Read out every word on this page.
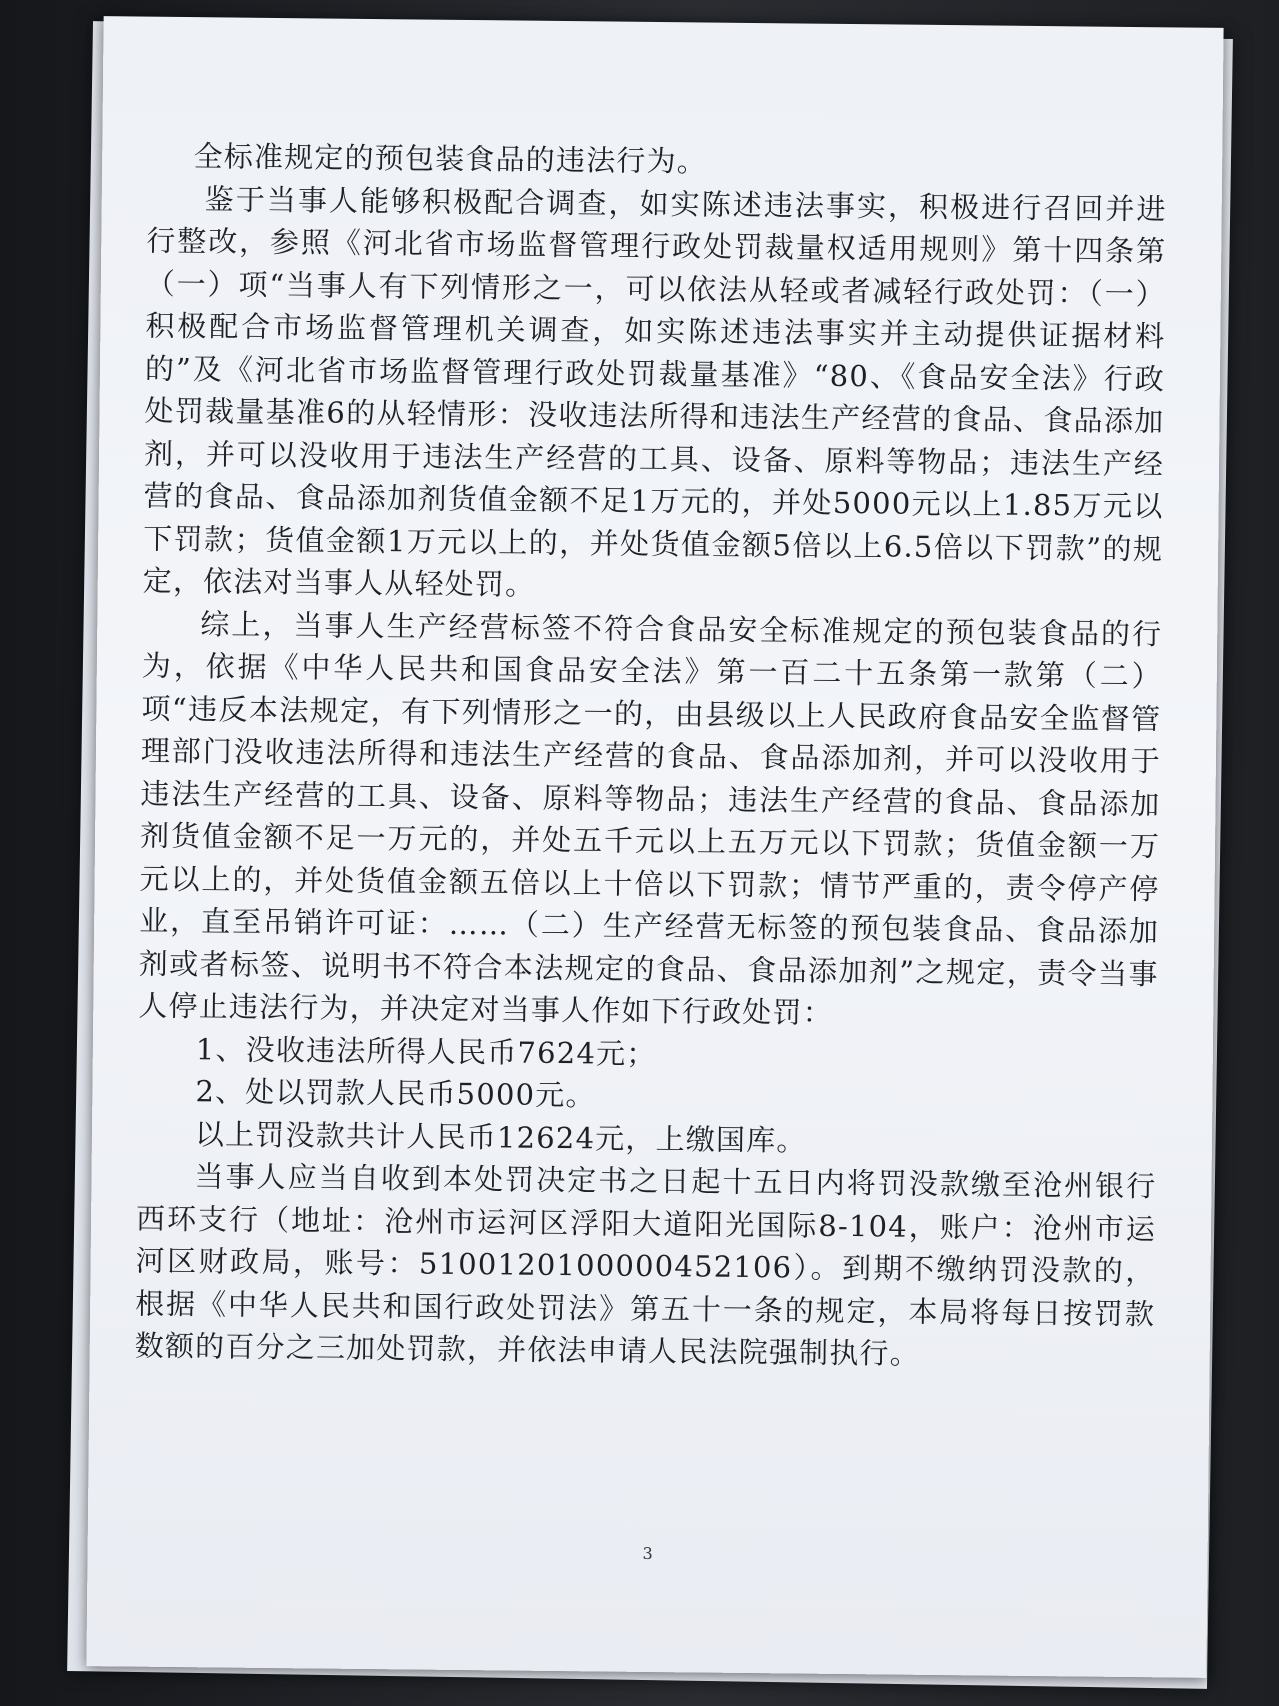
全标准规定的预包装食品的违法行为。

鉴于当事人能够积极配合调查，如实陈述违法事实，积极进行召回并进行整改，参照《河北省市场监督管理行政处罚裁量权适用规则》第十四条第（一）项“当事人有下列情形之一，可以依法从轻或者减轻行政处罚：（一）积极配合市场监督管理机关调查，如实陈述违法事实并主动提供证据材料的”及《河北省市场监督管理行政处罚裁量基准》“80、《食品安全法》行政处罚裁量基准6的从轻情形：没收违法所得和违法生产经营的食品、食品添加剂，并可以没收用于违法生产经营的工具、设备、原料等物品；违法生产经营的食品、食品添加剂货值金额不足1万元的，并处5000元以上1.85万元以下罚款；货值金额1万元以上的，并处货值金额5倍以上6.5倍以下罚款”的规定，依法对当事人从轻处罚。

综上，当事人生产经营标签不符合食品安全标准规定的预包装食品的行为，依据《中华人民共和国食品安全法》第一百二十五条第一款第（二）项“违反本法规定，有下列情形之一的，由县级以上人民政府食品安全监督管理部门没收违法所得和违法生产经营的食品、食品添加剂，并可以没收用于违法生产经营的工具、设备、原料等物品；违法生产经营的食品、食品添加剂货值金额不足一万元的，并处五千元以上五万元以下罚款；货值金额一万元以上的，并处货值金额五倍以上十倍以下罚款；情节严重的，责令停产停业，直至吊销许可证：……（二）生产经营无标签的预包装食品、食品添加剂或者标签、说明书不符合本法规定的食品、食品添加剂”之规定，责令当事人停止违法行为，并决定对当事人作如下行政处罚：

1、没收违法所得人民币7624元；

2、处以罚款人民币5000元。

以上罚没款共计人民币12624元，上缴国库。

当事人应当自收到本处罚决定书之日起十五日内将罚没款缴至沧州银行西环支行（地址：沧州市运河区浮阳大道阳光国际8-104，账户：沧州市运河区财政局，账号：5100120100000452106）。到期不缴纳罚没款的，根据《中华人民共和国行政处罚法》第五十一条的规定，本局将每日按罚款数额的百分之三加处罚款，并依法申请人民法院强制执行。

3
